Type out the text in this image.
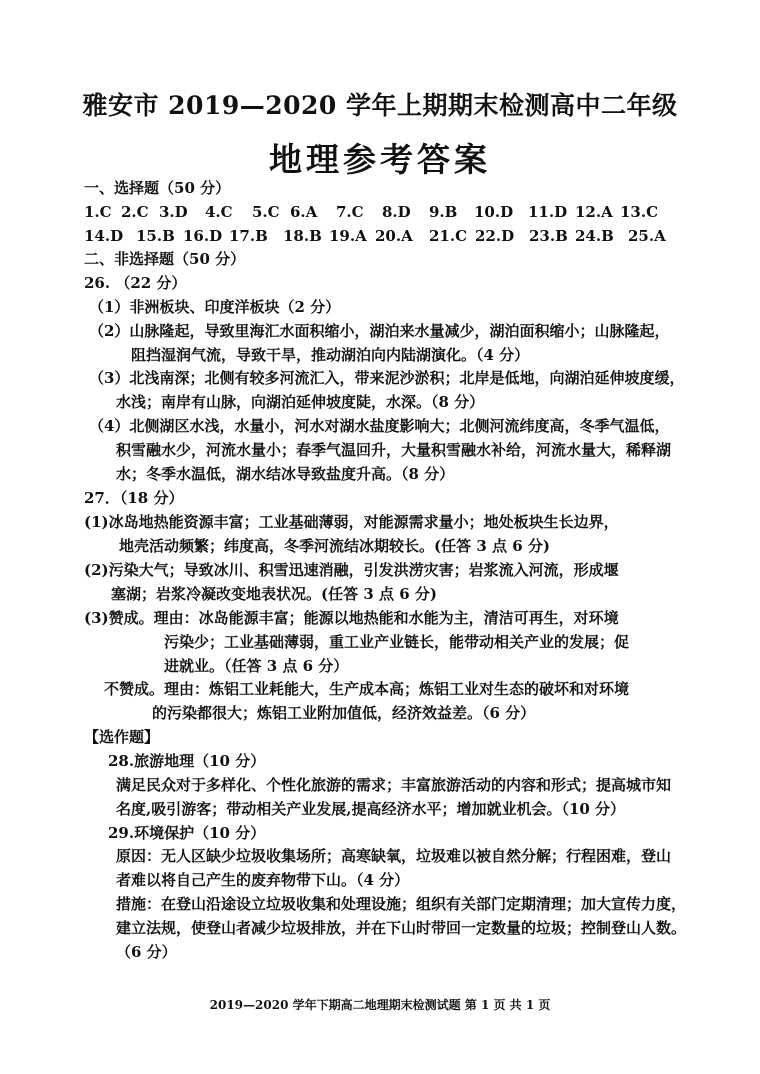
雅安市 2019—2020 学年上期期末检测高中二年级
地理参考答案
一、选择题（50 分）
1.C 2.C 3.D 4.C 5.C 6.A 7.C 8.D 9.B 10.D 11.D 12.A 13.C
14.D 15.B 16.D 17.B 18.B 19.A 20.A 21.C 22.D 23.B 24.B 25.A
二、非选择题（50 分）
26. （22 分）
（1）非洲板块、印度洋板块（2 分）
（2）山脉隆起，导致里海汇水面积缩小，湖泊来水量减少，湖泊面积缩小；山脉隆起，
阻挡湿润气流，导致干旱，推动湖泊向内陆湖演化。（4 分）
（3）北浅南深；北侧有较多河流汇入，带来泥沙淤积；北岸是低地，向湖泊延伸坡度缓，
水浅；南岸有山脉，向湖泊延伸坡度陡，水深。（8 分）
（4）北侧湖区水浅，水量小，河水对湖水盐度影响大；北侧河流纬度高，冬季气温低，
积雪融水少，河流水量小；春季气温回升，大量积雪融水补给，河流水量大，稀释湖
水；冬季水温低，湖水结冰导致盐度升高。（8 分）
27．（18 分）
(1)冰岛地热能资源丰富；工业基础薄弱，对能源需求量小；地处板块生长边界，
地壳活动频繁；纬度高，冬季河流结冰期较长。(任答 3 点 6 分)
(2)污染大气；导致冰川、积雪迅速消融，引发洪涝灾害；岩浆流入河流，形成堰
塞湖；岩浆冷凝改变地表状况。(任答 3 点 6 分)
(3)赞成。理由：冰岛能源丰富；能源以地热能和水能为主，清洁可再生，对环境
污染少；工业基础薄弱，重工业产业链长，能带动相关产业的发展；促
进就业。（任答 3 点 6 分）
不赞成。理由：炼铝工业耗能大，生产成本高；炼铝工业对生态的破坏和对环境
的污染都很大；炼铝工业附加值低，经济效益差。（6 分）
【选作题】
28.旅游地理（10 分）
满足民众对于多样化、个性化旅游的需求；丰富旅游活动的内容和形式；提高城市知
名度,吸引游客；带动相关产业发展,提高经济水平；增加就业机会。（10 分）
29.环境保护（10 分）
原因：无人区缺少垃圾收集场所；高寒缺氧，垃圾难以被自然分解；行程困难，登山
者难以将自己产生的废弃物带下山。（4 分）
措施：在登山沿途设立垃圾收集和处理设施；组织有关部门定期清理；加大宣传力度，
建立法规，使登山者减少垃圾排放，并在下山时带回一定数量的垃圾；控制登山人数。
（6 分）
2019—2020 学年下期高二地理期末检测试题 第 1 页 共 1 页
